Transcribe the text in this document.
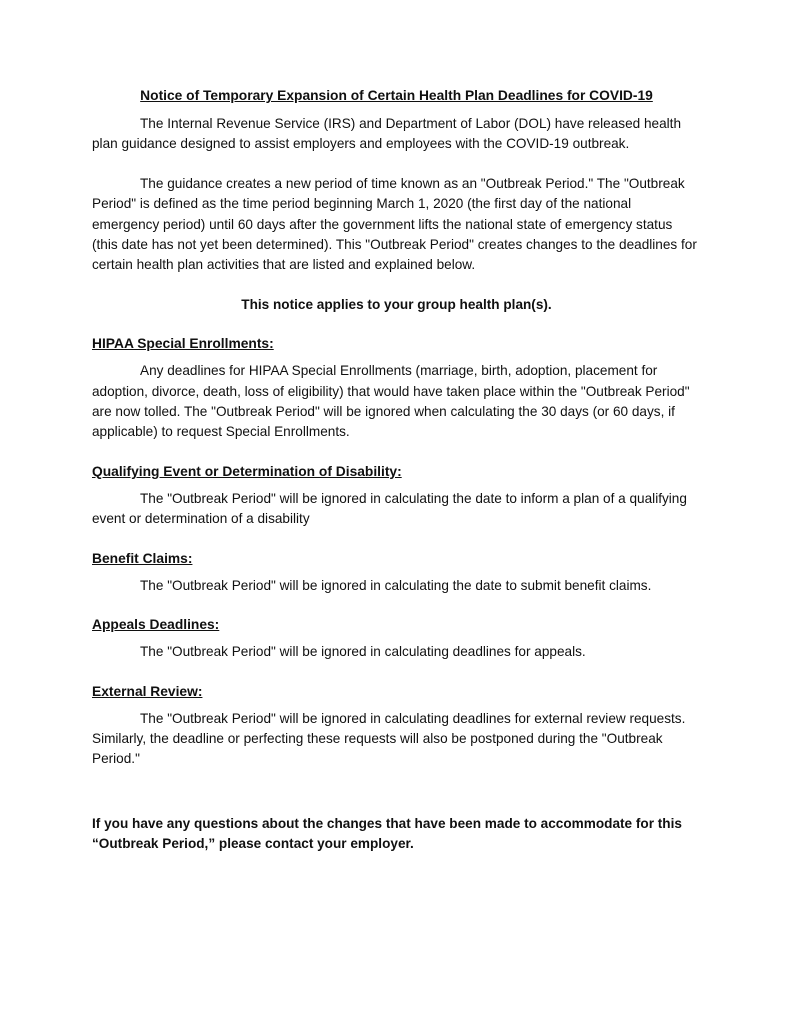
Notice of Temporary Expansion of Certain Health Plan Deadlines for COVID-19

The Internal Revenue Service (IRS) and Department of Labor (DOL) have released health plan guidance designed to assist employers and employees with the COVID-19 outbreak.

The guidance creates a new period of time known as an "Outbreak Period." The "Outbreak Period" is defined as the time period beginning March 1, 2020 (the first day of the national emergency period) until 60 days after the government lifts the national state of emergency status (this date has not yet been determined). This "Outbreak Period" creates changes to the deadlines for certain health plan activities that are listed and explained below.

This notice applies to your group health plan(s).

HIPAA Special Enrollments:

Any deadlines for HIPAA Special Enrollments (marriage, birth, adoption, placement for adoption, divorce, death, loss of eligibility) that would have taken place within the "Outbreak Period" are now tolled. The "Outbreak Period" will be ignored when calculating the 30 days (or 60 days, if applicable) to request Special Enrollments.

Qualifying Event or Determination of Disability:

The "Outbreak Period" will be ignored in calculating the date to inform a plan of a qualifying event or determination of a disability

Benefit Claims:

The "Outbreak Period" will be ignored in calculating the date to submit benefit claims.

Appeals Deadlines:

The "Outbreak Period" will be ignored in calculating deadlines for appeals.

External Review:

The "Outbreak Period" will be ignored in calculating deadlines for external review requests. Similarly, the deadline or perfecting these requests will also be postponed during the "Outbreak Period."

If you have any questions about the changes that have been made to accommodate for this “Outbreak Period,” please contact your employer.
